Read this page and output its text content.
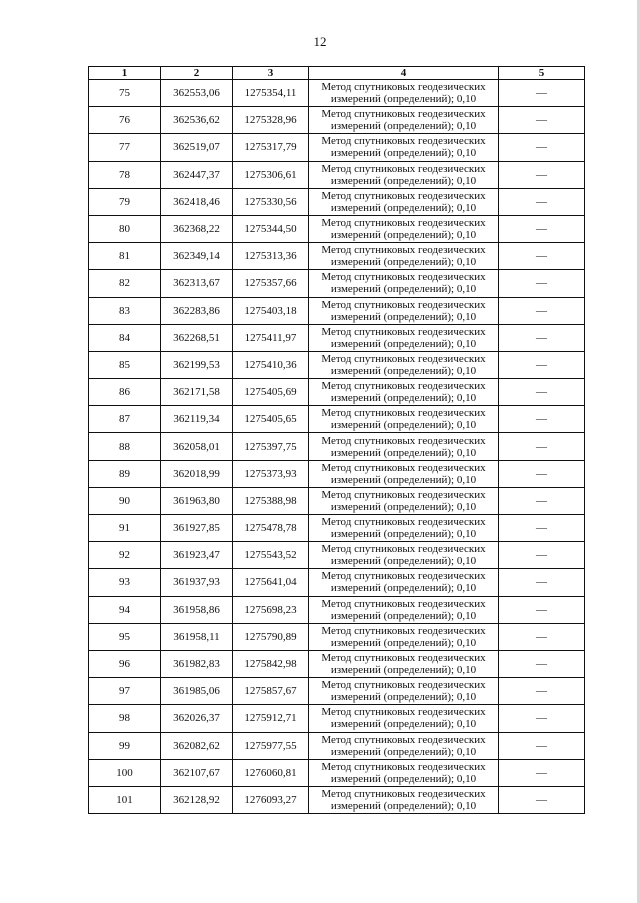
12
1	2	3	4	5
75	362553,06	1275354,11	Метод спутниковых геодезических
измерений (определений); 0,10	—
76	362536,62	1275328,96	Метод спутниковых геодезических
измерений (определений); 0,10	—
77	362519,07	1275317,79	Метод спутниковых геодезических
измерений (определений); 0,10	—
78	362447,37	1275306,61	Метод спутниковых геодезических
измерений (определений); 0,10	—
79	362418,46	1275330,56	Метод спутниковых геодезических
измерений (определений); 0,10	—
80	362368,22	1275344,50	Метод спутниковых геодезических
измерений (определений); 0,10	—
81	362349,14	1275313,36	Метод спутниковых геодезических
измерений (определений); 0,10	—
82	362313,67	1275357,66	Метод спутниковых геодезических
измерений (определений); 0,10	—
83	362283,86	1275403,18	Метод спутниковых геодезических
измерений (определений); 0,10	—
84	362268,51	1275411,97	Метод спутниковых геодезических
измерений (определений); 0,10	—
85	362199,53	1275410,36	Метод спутниковых геодезических
измерений (определений); 0,10	—
86	362171,58	1275405,69	Метод спутниковых геодезических
измерений (определений); 0,10	—
87	362119,34	1275405,65	Метод спутниковых геодезических
измерений (определений); 0,10	—
88	362058,01	1275397,75	Метод спутниковых геодезических
измерений (определений); 0,10	—
89	362018,99	1275373,93	Метод спутниковых геодезических
измерений (определений); 0,10	—
90	361963,80	1275388,98	Метод спутниковых геодезических
измерений (определений); 0,10	—
91	361927,85	1275478,78	Метод спутниковых геодезических
измерений (определений); 0,10	—
92	361923,47	1275543,52	Метод спутниковых геодезических
измерений (определений); 0,10	—
93	361937,93	1275641,04	Метод спутниковых геодезических
измерений (определений); 0,10	—
94	361958,86	1275698,23	Метод спутниковых геодезических
измерений (определений); 0,10	—
95	361958,11	1275790,89	Метод спутниковых геодезических
измерений (определений); 0,10	—
96	361982,83	1275842,98	Метод спутниковых геодезических
измерений (определений); 0,10	—
97	361985,06	1275857,67	Метод спутниковых геодезических
измерений (определений); 0,10	—
98	362026,37	1275912,71	Метод спутниковых геодезических
измерений (определений); 0,10	—
99	362082,62	1275977,55	Метод спутниковых геодезических
измерений (определений); 0,10	—
100	362107,67	1276060,81	Метод спутниковых геодезических
измерений (определений); 0,10	—
101	362128,92	1276093,27	Метод спутниковых геодезических
измерений (определений); 0,10	—
